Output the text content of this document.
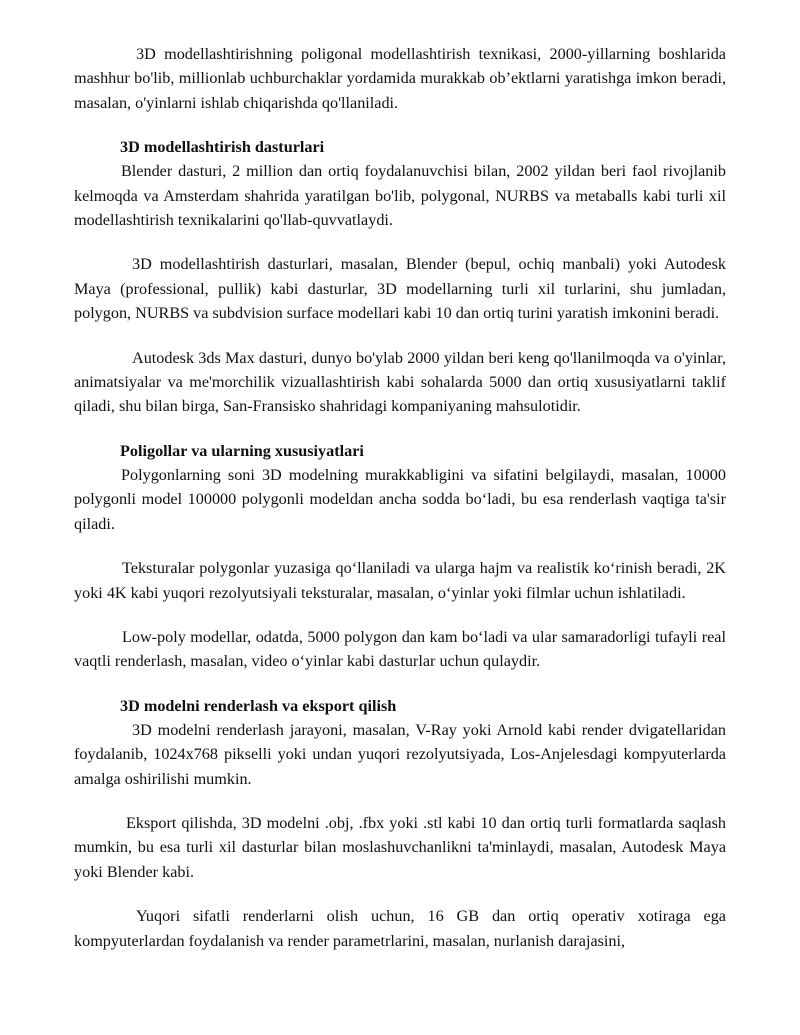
3D modellashtirishning poligonal modellashtirish texnikasi, 2000-yillarning boshlarida mashhur bo'lib, millionlab uchburchaklar yordamida murakkab ob’ektlarni yaratishga imkon beradi, masalan, o'yinlarni ishlab chiqarishda qo'llaniladi.

3D modellashtirish dasturlari

Blender dasturi, 2 million dan ortiq foydalanuvchisi bilan, 2002 yildan beri faol rivojlanib kelmoqda va Amsterdam shahrida yaratilgan bo'lib, polygonal, NURBS va metaballs kabi turli xil modellashtirish texnikalarini qo'llab-quvvatlaydi.

3D modellashtirish dasturlari, masalan, Blender (bepul, ochiq manbali) yoki Autodesk Maya (professional, pullik) kabi dasturlar, 3D modellarning turli xil turlarini, shu jumladan, polygon, NURBS va subdvision surface modellari kabi 10 dan ortiq turini yaratish imkonini beradi.

Autodesk 3ds Max dasturi, dunyo bo'ylab 2000 yildan beri keng qo'llanilmoqda va o'yinlar, animatsiyalar va me'morchilik vizuallashtirish kabi sohalarda 5000 dan ortiq xususiyatlarni taklif qiladi, shu bilan birga, San-Fransisko shahridagi kompaniyaning mahsulotidir.

Poligollar va ularning xususiyatlari

Polygonlarning soni 3D modelning murakkabligini va sifatini belgilaydi, masalan, 10000 polygonli model 100000 polygonli modeldan ancha sodda bo‘ladi, bu esa renderlash vaqtiga ta'sir qiladi.

Teksturalar polygonlar yuzasiga qo‘llaniladi va ularga hajm va realistik ko‘rinish beradi, 2K yoki 4K kabi yuqori rezolyutsiyali teksturalar, masalan, o‘yinlar yoki filmlar uchun ishlatiladi.

Low-poly modellar, odatda, 5000 polygon dan kam bo‘ladi va ular samaradorligi tufayli real vaqtli renderlash, masalan, video o‘yinlar kabi dasturlar uchun qulaydir.

3D modelni renderlash va eksport qilish

3D modelni renderlash jarayoni, masalan, V-Ray yoki Arnold kabi render dvigatellaridan foydalanib, 1024x768 pikselli yoki undan yuqori rezolyutsiyada, Los-Anjelesdagi kompyuterlarda amalga oshirilishi mumkin.

Eksport qilishda, 3D modelni .obj, .fbx yoki .stl kabi 10 dan ortiq turli formatlarda saqlash mumkin, bu esa turli xil dasturlar bilan moslashuvchanlikni ta'minlaydi, masalan, Autodesk Maya yoki Blender kabi.

Yuqori sifatli renderlarni olish uchun, 16 GB dan ortiq operativ xotiraga ega kompyuterlardan foydalanish va render parametrlarini, masalan, nurlanish darajasini,
